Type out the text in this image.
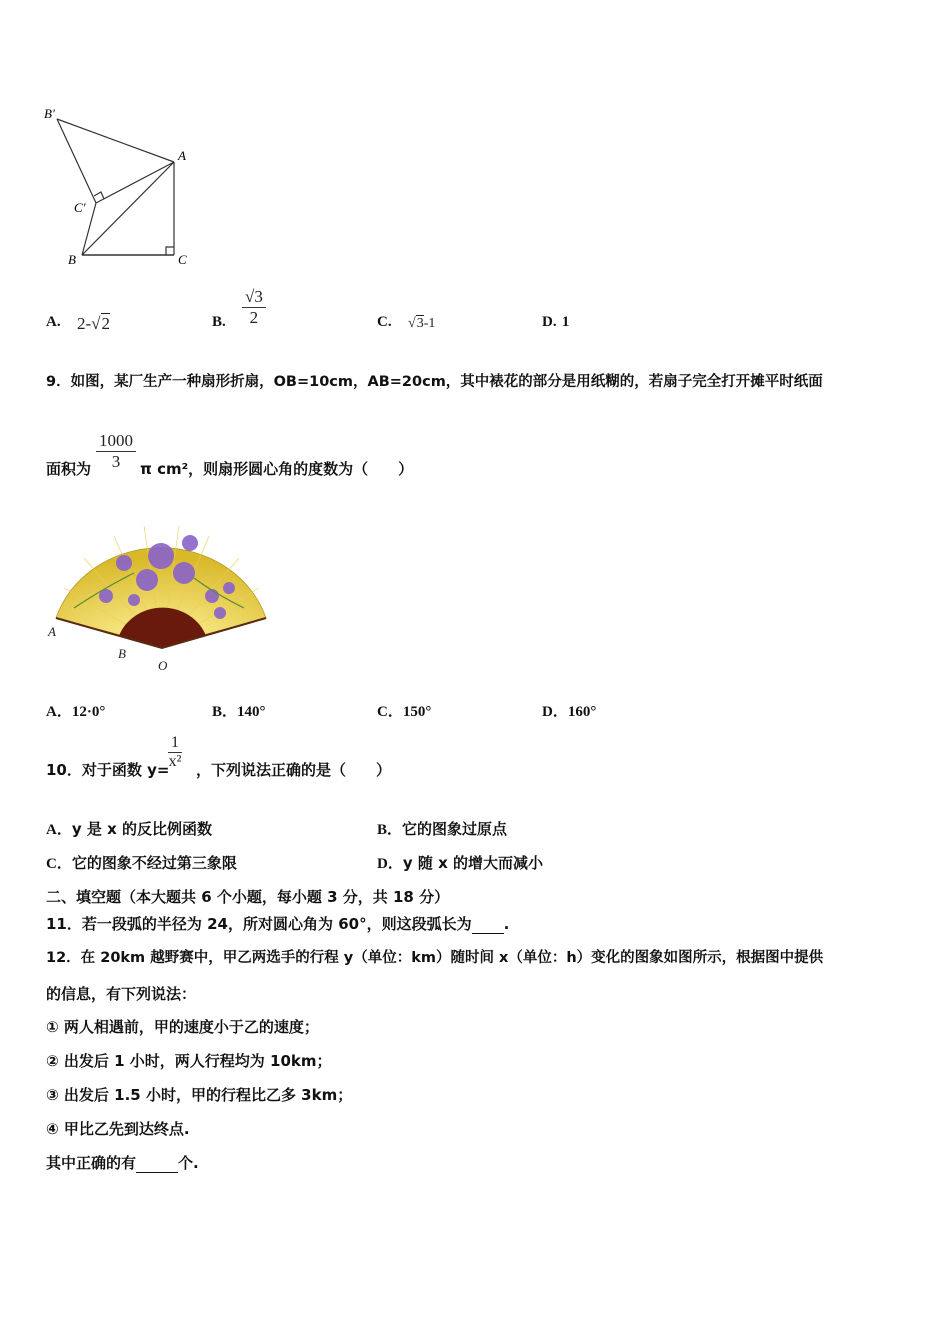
B'
A
C'
B	C
A. 2-√2	B.
√3
2	C. √3-1	D. 1
9．如图，某厂生产一种扇形折扇，OB=10cm，AB=20cm，其中裱花的部分是用纸糊的，若扇子完全打开摊平时纸面
面积为
1000
3	π cm²，则扇形圆心角的度数为（　　）
A
B
O
A．12·0°	B．140°	C．150°	D．160°
10．对于函数 y=
1
x² ，下列说法正确的是（　　）
A．y 是 x 的反比例函数	B．它的图象过原点
C．它的图象不经过第三象限	D．y 随 x 的增大而减小
二、填空题（本大题共 6 个小题，每小题 3 分，共 18 分）
11．若一段弧的半径为 24，所对圆心角为 60°，则这段弧长为 .
12．在 20km 越野赛中，甲乙两选手的行程 y（单位：km）随时间 x（单位：h）变化的图象如图所示，根据图中提供
的信息，有下列说法：
① 两人相遇前，甲的速度小于乙的速度；
② 出发后 1 小时，两人行程均为 10km；
③ 出发后 1.5 小时，甲的行程比乙多 3km；
④ 甲比乙先到达终点.
其中正确的有	个.
